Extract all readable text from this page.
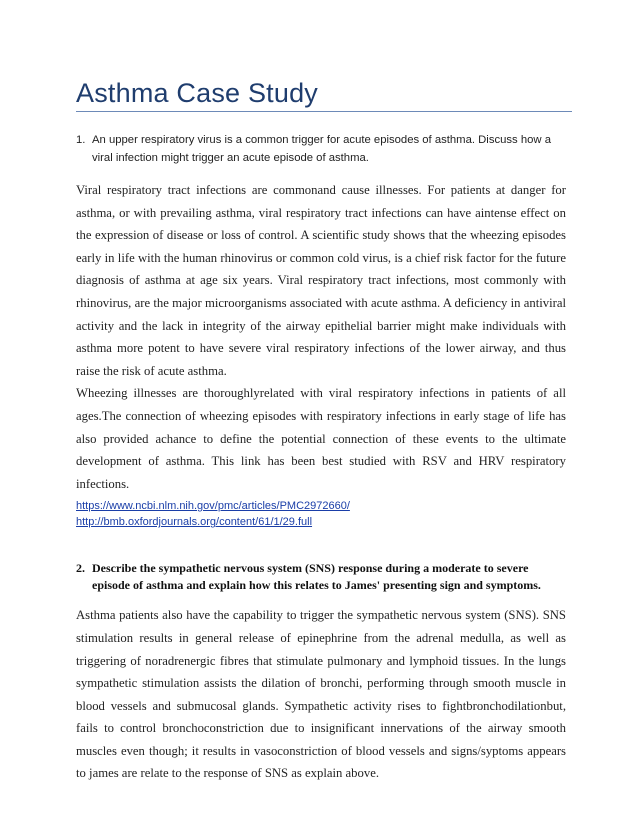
Asthma Case Study
1. An upper respiratory virus is a common trigger for acute episodes of asthma. Discuss how a viral infection might trigger an acute episode of asthma.

Viral respiratory tract infections are commonand cause illnesses. For patients at danger for asthma, or with prevailing asthma, viral respiratory tract infections can have aintense effect on the expression of disease or loss of control. A scientific study shows that the wheezing episodes early in life with the human rhinovirus or common cold virus, is a chief risk factor for the future diagnosis of asthma at age six years. Viral respiratory tract infections, most commonly with rhinovirus, are the major microorganisms associated with acute asthma. A deficiency in antiviral activity and the lack in integrity of the airway epithelial barrier might make individuals with asthma more potent to have severe viral respiratory infections of the lower airway, and thus raise the risk of acute asthma.

Wheezing illnesses are thoroughlyrelated with viral respiratory infections in patients of all ages.The connection of wheezing episodes with respiratory infections in early stage of life has also provided achance to define the potential connection of these events to the ultimate development of asthma. This link has been best studied with RSV and HRV respiratory infections.

https://www.ncbi.nlm.nih.gov/pmc/articles/PMC2972660/
http://bmb.oxfordjournals.org/content/61/1/29.full
2. Describe the sympathetic nervous system (SNS) response during a moderate to severe episode of asthma and explain how this relates to James' presenting sign and symptoms.

Asthma patients also have the capability to trigger the sympathetic nervous system (SNS). SNS stimulation results in general release of epinephrine from the adrenal medulla, as well as triggering of noradrenergic fibres that stimulate pulmonary and lymphoid tissues. In the lungs sympathetic stimulation assists the dilation of bronchi, performing through smooth muscle in blood vessels and submucosal glands. Sympathetic activity rises to fightbronchodilationbut, fails to control bronchoconstriction due to insignificant innervations of the airway smooth muscles even though; it results in vasoconstriction of blood vessels and signs/syptoms appears to james are relate to the response of SNS as explain above.
